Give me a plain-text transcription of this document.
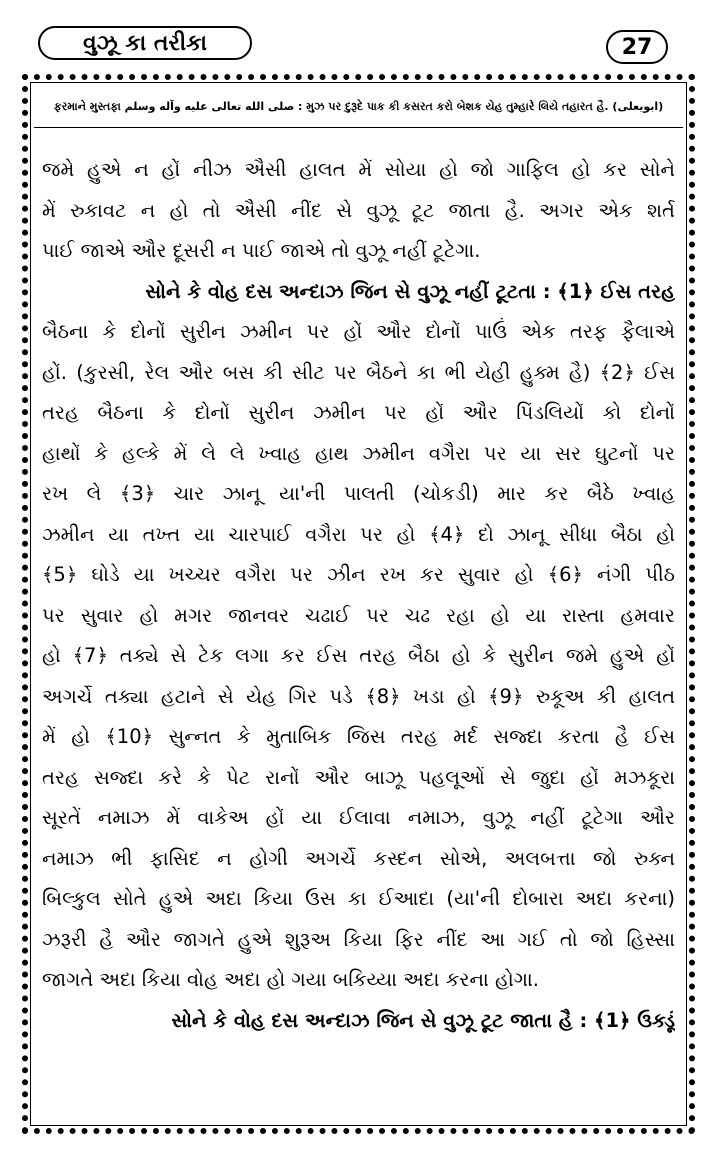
વુઝૂ કા તરીકા	27
ફરમાને મુસ્તફા صلى الله تعالى عليه وآله وسلم : મુઝ પર દુરૂદે પાક કી કસરત કરો બેશક યેહ તુમ્હારે લિયે તહારત હૈ. (ابویعلی)
જમે હુએ ન હોં નીઝ ઐસી હાલત મેં સોયા હો જો ગાફિલ હો કર સોને
મેં રુકાવટ ન હો તો ઐસી નીંદ સે વુઝૂ ટૂટ જાતા હૈ. અગર એક શર્ત
પાઈ જાએ ઔર દૂસરી ન પાઈ જાએ તો વુઝૂ નહીં ટૂટેગા.
સોને કે વોહ દસ અન્દાઝ જિન સે વુઝૂ નહીં ટૂટતા : ﴾1﴿ ઈસ તરહ
બૈઠના કે દોનોં સુરીન ઝમીન પર હોં ઔર દોનોં પાઉં એક તરફ ફૈલાએ
હોં. (કુરસી, રેલ ઔર બસ કી સીટ પર બૈઠને કા ભી યેહી હુક્મ હૈ) ﴾2﴿ ઈસ
તરહ બૈઠના કે દોનોં સુરીન ઝમીન પર હોં ઔર પિંડલિયોં કો દોનોં
હાથોં કે હલ્કે મેં લે લે ખ્વાહ હાથ ઝમીન વગૈરા પર યા સર ઘુટનોં પર
રખ લે ﴾3﴿ ચાર ઝાનૂ યા'ની પાલતી (ચોકડી) માર કર બૈઠે ખ્વાહ
ઝમીન યા તખ્ત યા ચારપાઈ વગૈરા પર હો ﴾4﴿ દો ઝાનૂ સીધા બૈઠા હો
﴾5﴿ ઘોડે યા ખચ્ચર વગૈરા પર ઝીન રખ કર સુવાર હો ﴾6﴿ નંગી પીઠ
પર સુવાર હો મગર જાનવર ચઢાઈ પર ચઢ રહા હો યા રાસ્તા હમવાર
હો ﴾7﴿ તક્યે સે ટેક લગા કર ઈસ તરહ બૈઠા હો કે સુરીન જમે હુએ હોં
અગર્ચે તક્યા હટાને સે યેહ ગિર પડે ﴾8﴿ ખડા હો ﴾9﴿ રુકૂઅ કી હાલત
મેં હો ﴾10﴿ સુન્નત કે મુતાબિક જિસ તરહ મર્દ સજ્દા કરતા હૈ ઈસ
તરહ સજ્દા કરે કે પેટ રાનોં ઔર બાઝૂ પહલૂઓં સે જુદા હોં મઝકૂરા
સૂરતેં નમાઝ મેં વાકેઅ હોં યા ઈલાવા નમાઝ, વુઝૂ નહીં ટૂટેગા ઔર
નમાઝ ભી ફાસિદ ન હોગી અગર્ચે કસ્દન સોએ, અલબત્તા જો રુક્ન
બિલ્કુલ સોતે હુએ અદા કિયા ઉસ કા ઈઆદા (યા'ની દોબારા અદા કરના)
ઝરૂરી હૈ ઔર જાગતે હુએ શુરૂઅ કિયા ફિર નીંદ આ ગઈ તો જો હિસ્સા
જાગતે અદા કિયા વોહ અદા હો ગયા બકિય્યા અદા કરના હોગા.
સોને કે વોહ દસ અન્દાઝ જિન સે વુઝૂ ટૂટ જાતા હૈ : ﴾1﴿ ઉક્ડૂં
